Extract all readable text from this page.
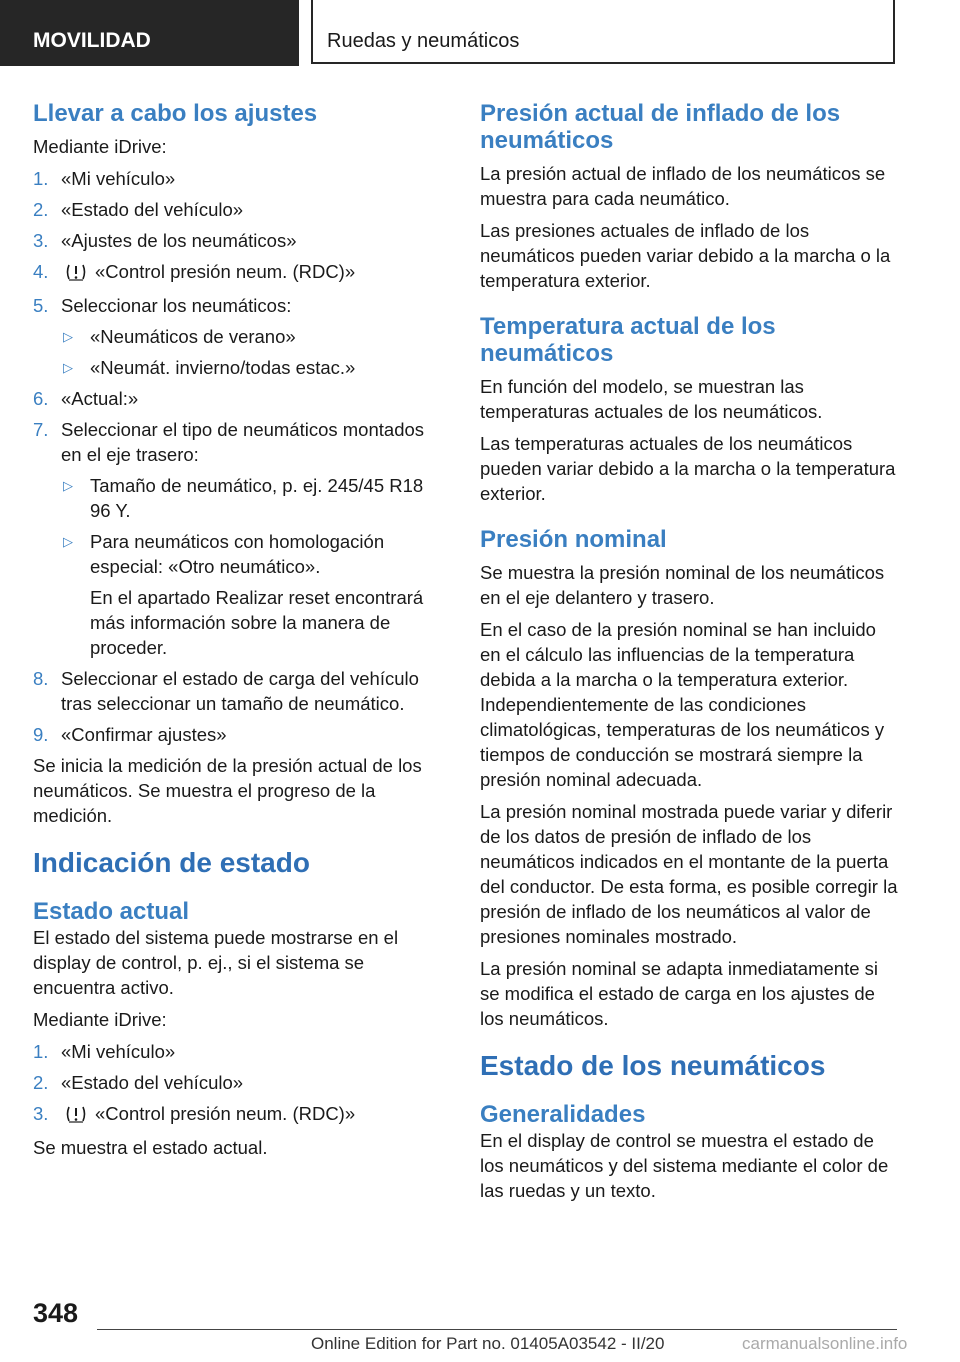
MOVILIDAD	Ruedas y neumáticos
Llevar a cabo los ajustes

Mediante iDrive:

1. «Mi vehículo»
2. «Estado del vehículo»
3. «Ajustes de los neumáticos»
4.	«Control presión neum. (RDC)»
5. Seleccionar los neumáticos:
▷ «Neumáticos de verano»
▷ «Neumát. invierno/todas estac.»
6. «Actual:»
7. Seleccionar el tipo de neumáticos montados en el eje trasero:
▷ Tamaño de neumático, p. ej. 245/45 R18 96 Y.
▷ Para neumáticos con homologación especial: «Otro neumático».

En el apartado Realizar reset encontrará más información sobre la manera de proceder.

8. Seleccionar el estado de carga del vehículo tras seleccionar un tamaño de neumático.
9. «Confirmar ajustes»

Se inicia la medición de la presión actual de los neumáticos. Se muestra el progreso de la medición.

Indicación de estado
Estado actual

El estado del sistema puede mostrarse en el display de control, p. ej., si el sistema se encuentra activo.

Mediante iDrive:

1. «Mi vehículo»
2. «Estado del vehículo»
3.	«Control presión neum. (RDC)»

Se muestra el estado actual.

Presión actual de inflado de los neumáticos

La presión actual de inflado de los neumáticos se muestra para cada neumático.

Las presiones actuales de inflado de los neumáticos pueden variar debido a la marcha o la temperatura exterior.

Temperatura actual de los neumáticos

En función del modelo, se muestran las temperaturas actuales de los neumáticos.

Las temperaturas actuales de los neumáticos pueden variar debido a la marcha o la temperatura exterior.

Presión nominal

Se muestra la presión nominal de los neumáticos en el eje delantero y trasero.

En el caso de la presión nominal se han incluido en el cálculo las influencias de la temperatura debida a la marcha o la temperatura exterior. Independientemente de las condiciones climatológicas, temperaturas de los neumáticos y tiempos de conducción se mostrará siempre la presión nominal adecuada.

La presión nominal mostrada puede variar y diferir de los datos de presión de inflado de los neumáticos indicados en el montante de la puerta del conductor. De esta forma, es posible corregir la presión de inflado de los neumáticos al valor de presiones nominales mostrado.

La presión nominal se adapta inmediatamente si se modifica el estado de carga en los ajustes de los neumáticos.

Estado de los neumáticos
Generalidades

En el display de control se muestra el estado de los neumáticos y del sistema mediante el color de las ruedas y un texto.

348
Online Edition for Part no. 01405A03542 - II/20	carmanualsonline.info
